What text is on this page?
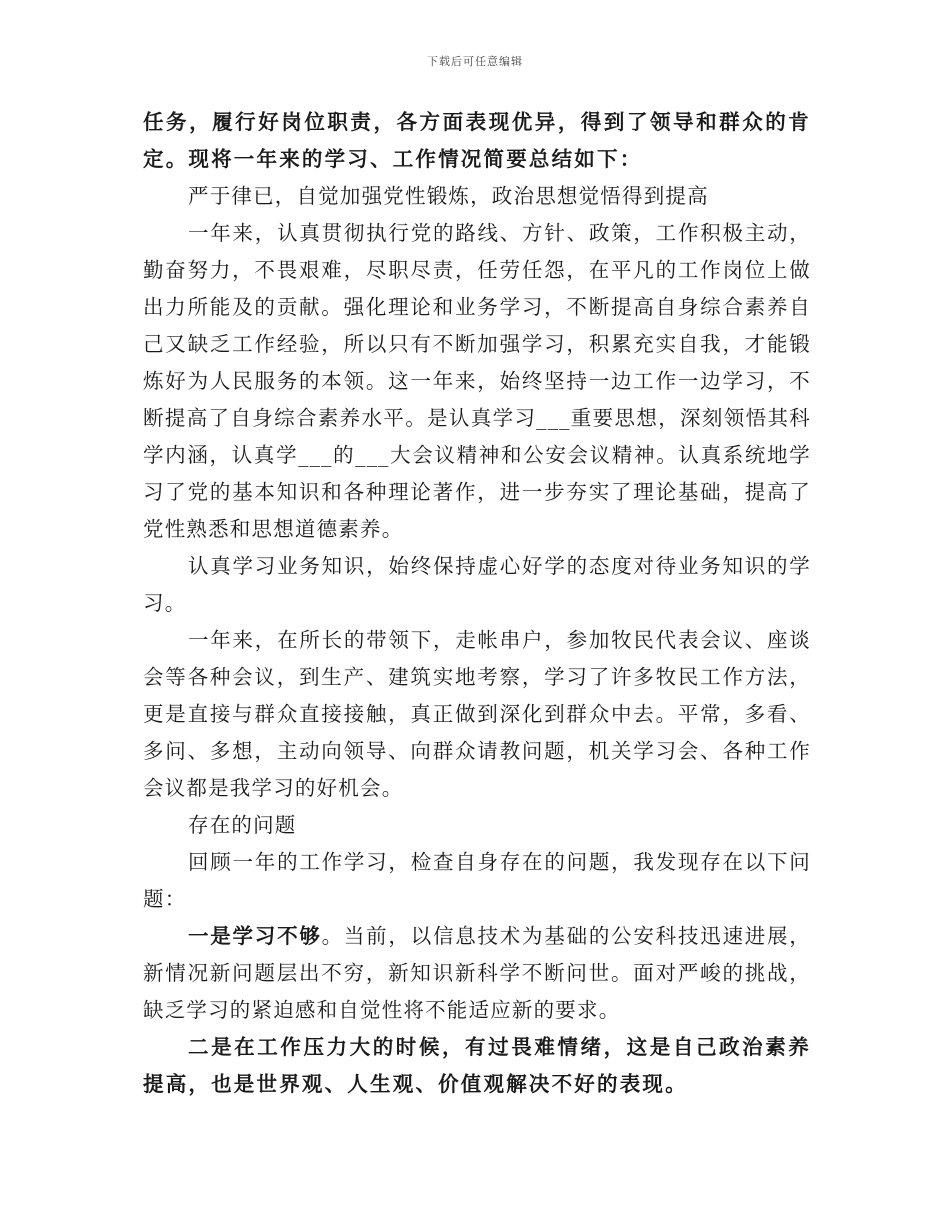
下载后可任意编辑

任务，履行好岗位职责，各方面表现优异，得到了领导和群众的肯定。现将一年来的学习、工作情况简要总结如下：

严于律已，自觉加强党性锻炼，政治思想觉悟得到提高

一年来，认真贯彻执行党的路线、方针、政策，工作积极主动，勤奋努力，不畏艰难，尽职尽责，任劳任怨，在平凡的工作岗位上做出力所能及的贡献。强化理论和业务学习，不断提高自身综合素养自己又缺乏工作经验，所以只有不断加强学习，积累充实自我，才能锻炼好为人民服务的本领。这一年来，始终坚持一边工作一边学习，不断提高了自身综合素养水平。是认真学习___重要思想，深刻领悟其科学内涵，认真学___的___大会议精神和公安会议精神。认真系统地学习了党的基本知识和各种理论著作，进一步夯实了理论基础，提高了党性熟悉和思想道德素养。

认真学习业务知识，始终保持虚心好学的态度对待业务知识的学习。

一年来，在所长的带领下，走帐串户，参加牧民代表会议、座谈会等各种会议，到生产、建筑实地考察，学习了许多牧民工作方法，更是直接与群众直接接触，真正做到深化到群众中去。平常，多看、多问、多想，主动向领导、向群众请教问题，机关学习会、各种工作会议都是我学习的好机会。

存在的问题

回顾一年的工作学习，检查自身存在的问题，我发现存在以下问题：

一是学习不够。当前，以信息技术为基础的公安科技迅速进展，新情况新问题层出不穷，新知识新科学不断问世。面对严峻的挑战，缺乏学习的紧迫感和自觉性将不能适应新的要求。

二是在工作压力大的时候，有过畏难情绪，这是自己政治素养提高，也是世界观、人生观、价值观解决不好的表现。
